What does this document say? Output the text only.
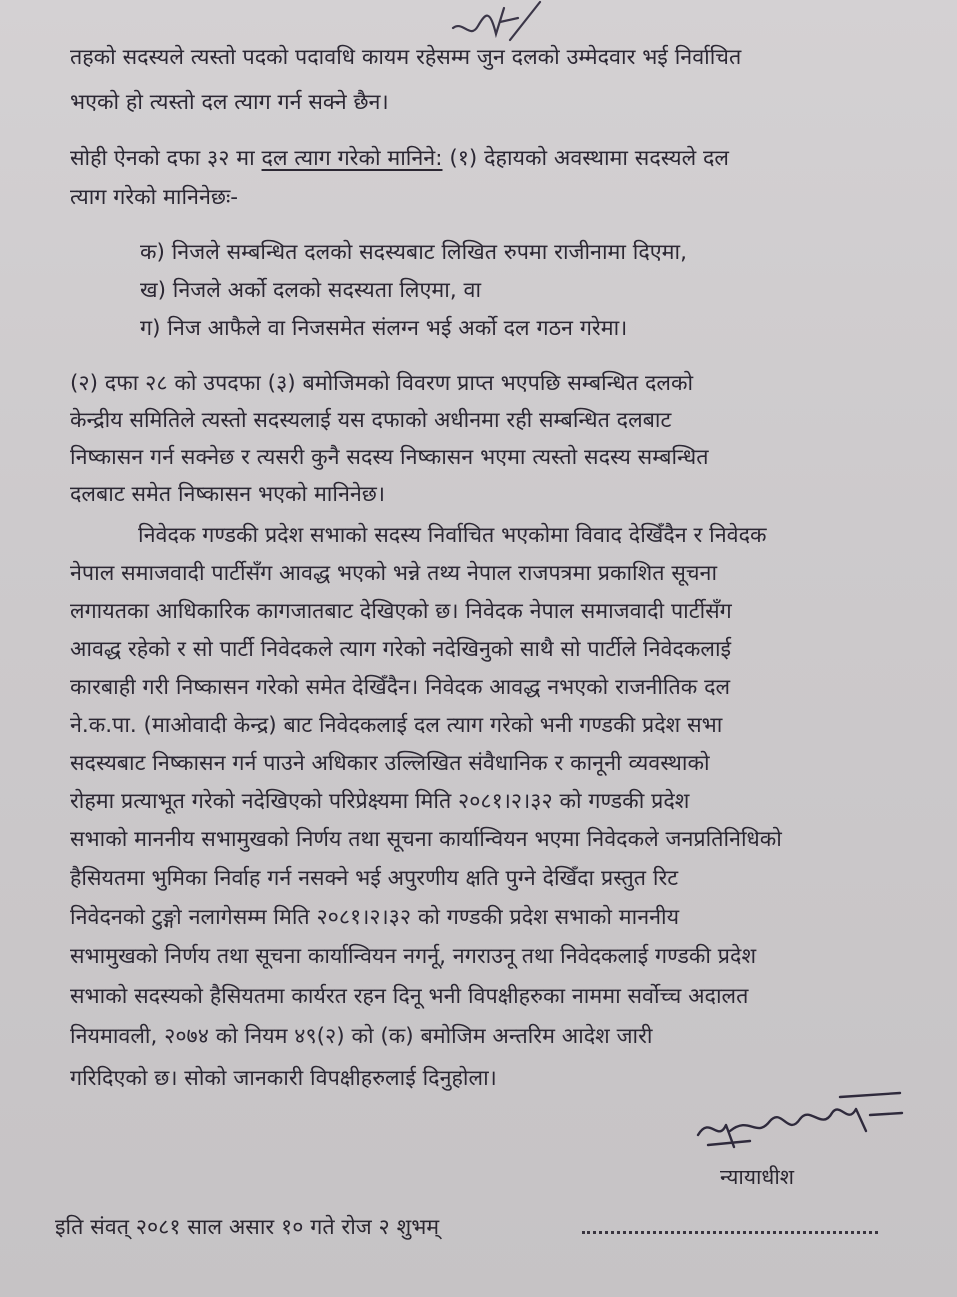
तहको सदस्यले त्यस्तो पदको पदावधि कायम रहेसम्म जुन दलको उम्मेदवार भई निर्वाचित

भएको हो त्यस्तो दल त्याग गर्न सक्ने छैन।

सोही ऐनको दफा ३२ मा दल त्याग गरेको मानिने: (१) देहायको अवस्थामा सदस्यले दल

त्याग गरेको मानिनेछः-

क) निजले सम्बन्धित दलको सदस्यबाट लिखित रुपमा राजीनामा दिएमा,

ख) निजले अर्को दलको सदस्यता लिएमा, वा

ग) निज आफैले वा निजसमेत संलग्न भई अर्को दल गठन गरेमा।

(२) दफा २८ को उपदफा (३) बमोजिमको विवरण प्राप्त भएपछि सम्बन्धित दलको

केन्द्रीय समितिले त्यस्तो सदस्यलाई यस दफाको अधीनमा रही सम्बन्धित दलबाट

निष्कासन गर्न सक्नेछ र त्यसरी कुनै सदस्य निष्कासन भएमा त्यस्तो सदस्य सम्बन्धित

दलबाट समेत निष्कासन भएको मानिनेछ।

निवेदक गण्डकी प्रदेश सभाको सदस्य निर्वाचित भएकोमा विवाद देखिँदैन र निवेदक

नेपाल समाजवादी पार्टीसँग आवद्ध भएको भन्ने तथ्य नेपाल राजपत्रमा प्रकाशित सूचना

लगायतका आधिकारिक कागजातबाट देखिएको छ। निवेदक नेपाल समाजवादी पार्टीसँग

आवद्ध रहेको र सो पार्टी निवेदकले त्याग गरेको नदेखिनुको साथै सो पार्टीले निवेदकलाई

कारबाही गरी निष्कासन गरेको समेत देखिँदैन। निवेदक आवद्ध नभएको राजनीतिक दल

ने.क.पा. (माओवादी केन्द्र) बाट निवेदकलाई दल त्याग गरेको भनी गण्डकी प्रदेश सभा

सदस्यबाट निष्कासन गर्न पाउने अधिकार उल्लिखित संवैधानिक र कानूनी व्यवस्थाको

रोहमा प्रत्याभूत गरेको नदेखिएको परिप्रेक्ष्यमा मिति २०८१।२।३२ को गण्डकी प्रदेश

सभाको माननीय सभामुखको निर्णय तथा सूचना कार्यान्वियन भएमा निवेदकले जनप्रतिनिधिको

हैसियतमा भुमिका निर्वाह गर्न नसक्ने भई अपुरणीय क्षति पुग्ने देखिँदा प्रस्तुत रिट

निवेदनको टुङ्गो नलागेसम्म मिति २०८१।२।३२ को गण्डकी प्रदेश सभाको माननीय

सभामुखको निर्णय तथा सूचना कार्यान्वियन नगर्नू, नगराउनू तथा निवेदकलाई गण्डकी प्रदेश

सभाको सदस्यको हैसियतमा कार्यरत रहन दिनू भनी विपक्षीहरुका नाममा सर्वोच्च अदालत

नियमावली, २०७४ को नियम ४९(२) को (क) बमोजिम अन्तरिम आदेश जारी

गरिदिएको छ। सोको जानकारी विपक्षीहरुलाई दिनुहोला।

न्यायाधीश
इति संवत् २०८१ साल असार १० गते रोज २ शुभम्
